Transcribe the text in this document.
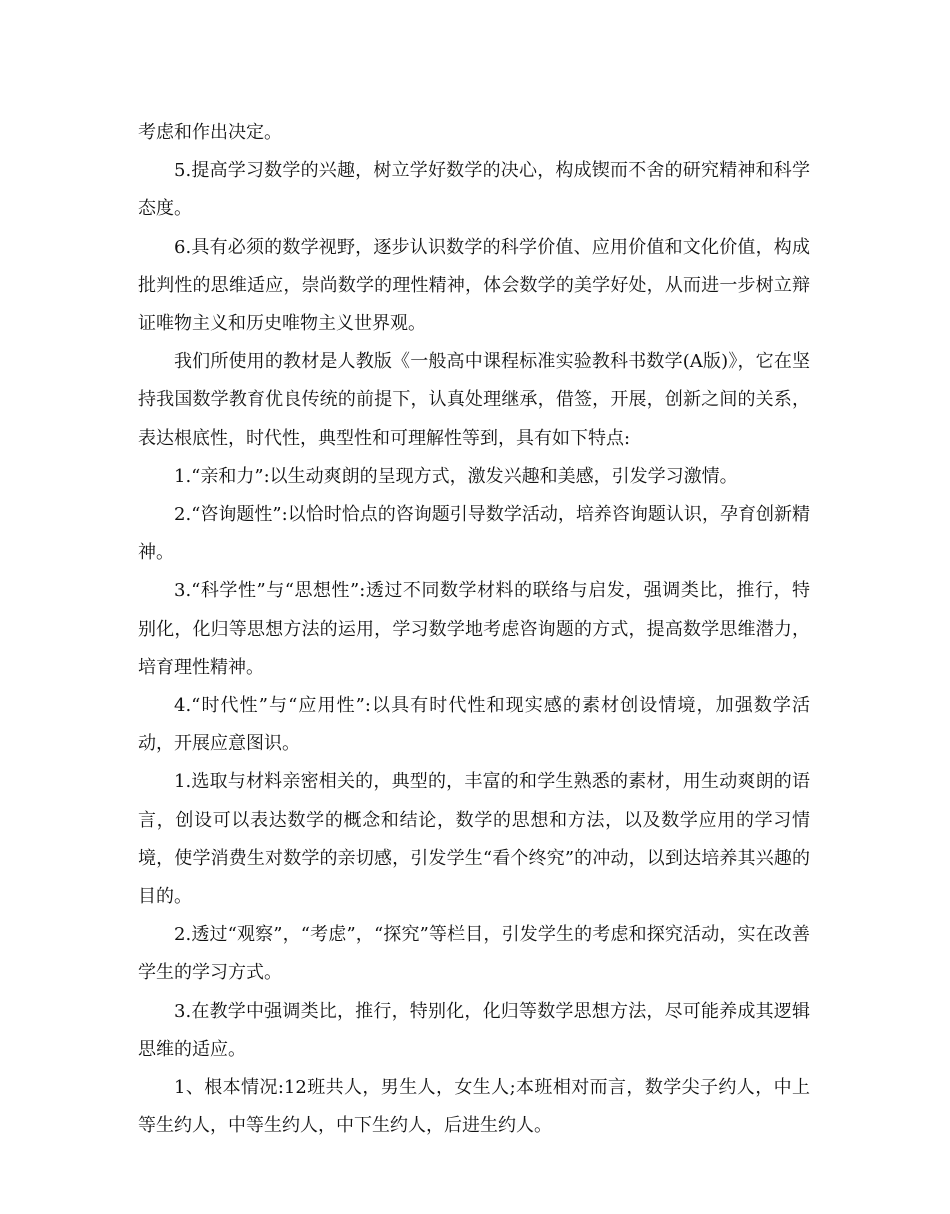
考虑和作出决定。

5.提高学习数学的兴趣，树立学好数学的决心，构成锲而不舍的研究精神和科学态度。

6.具有必须的数学视野，逐步认识数学的科学价值、应用价值和文化价值，构成批判性的思维适应，崇尚数学的理性精神，体会数学的美学好处，从而进一步树立辩证唯物主义和历史唯物主义世界观。

我们所使用的教材是人教版《一般高中课程标准实验教科书数学(A版)》，它在坚持我国数学教育优良传统的前提下，认真处理继承，借签，开展，创新之间的关系，表达根底性，时代性，典型性和可理解性等到，具有如下特点:

1.“亲和力”:以生动爽朗的呈现方式，激发兴趣和美感，引发学习激情。

2.“咨询题性”:以恰时恰点的咨询题引导数学活动，培养咨询题认识，孕育创新精神。

3.“科学性”与“思想性”:透过不同数学材料的联络与启发，强调类比，推行，特别化，化归等思想方法的运用，学习数学地考虑咨询题的方式，提高数学思维潜力，培育理性精神。

4.“时代性”与“应用性”:以具有时代性和现实感的素材创设情境，加强数学活动，开展应意图识。

1.选取与材料亲密相关的，典型的，丰富的和学生熟悉的素材，用生动爽朗的语言，创设可以表达数学的概念和结论，数学的思想和方法，以及数学应用的学习情境，使学消费生对数学的亲切感，引发学生“看个终究”的冲动，以到达培养其兴趣的目的。

2.透过“观察”，“考虑”，“探究”等栏目，引发学生的考虑和探究活动，实在改善学生的学习方式。

3.在教学中强调类比，推行，特别化，化归等数学思想方法，尽可能养成其逻辑思维的适应。

1、根本情况:12班共人，男生人，女生人;本班相对而言，数学尖子约人，中上等生约人，中等生约人，中下生约人，后进生约人。
